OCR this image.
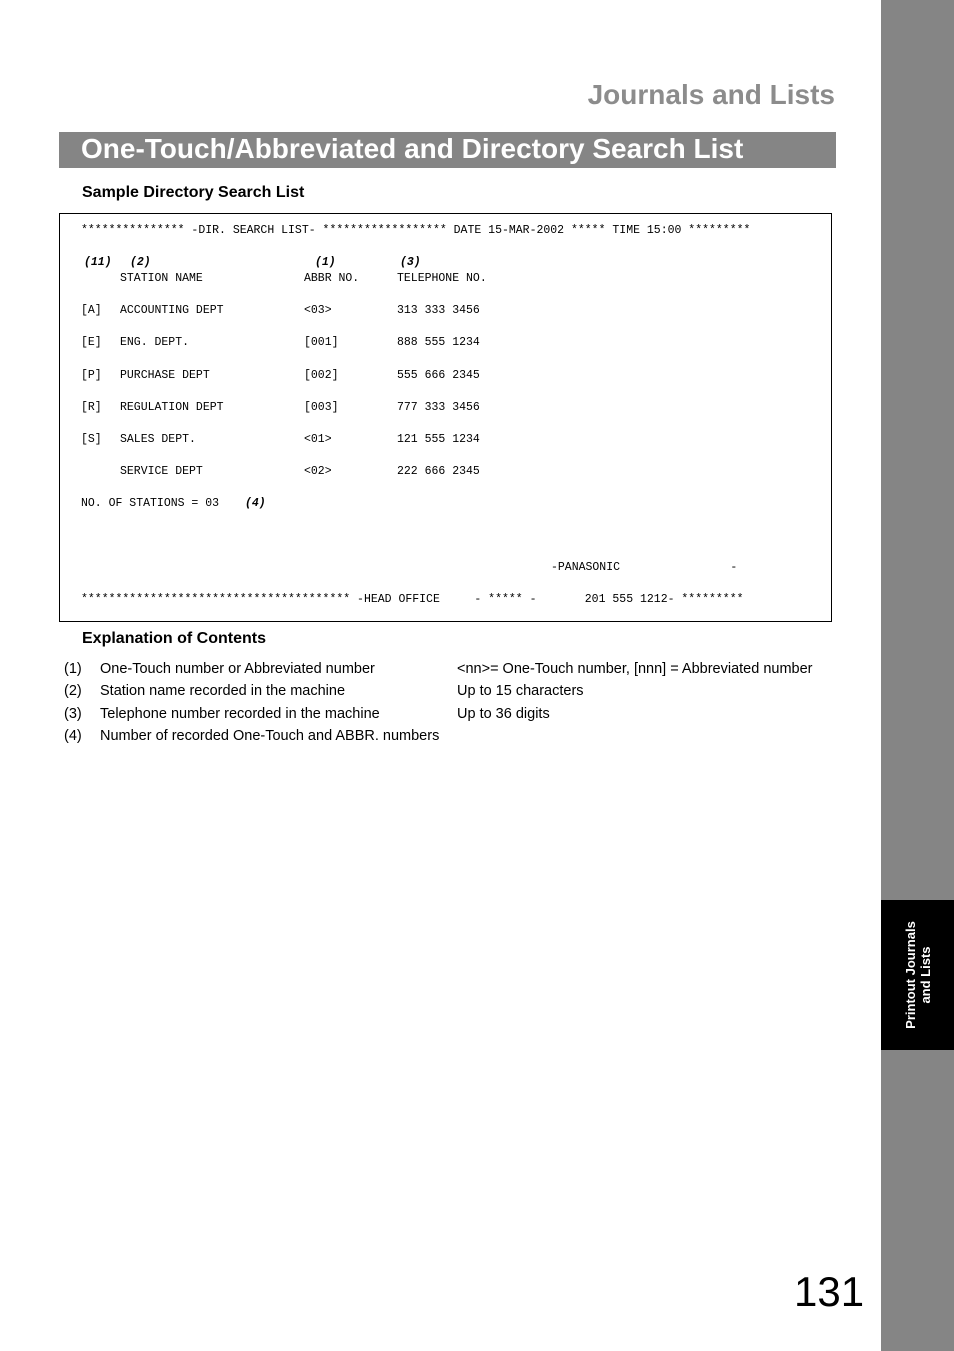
Printout Journals and Lists
Journals and Lists
One-Touch/Abbreviated and Directory Search List
Sample Directory Search List
*************** -DIR. SEARCH LIST- ****************** DATE 15-MAR-2002 ***** TIME 15:00 *********
(11) (2)	(1)	(3)
STATION NAME	ABBR NO.	TELEPHONE NO.
[A] ACCOUNTING DEPT	<03>	313 333 3456
[E] ENG. DEPT.	[001]	888 555 1234
[P] PURCHASE DEPT	[002]	555 666 2345
[R] REGULATION DEPT	[003]	777 333 3456
[S] SALES DEPT.	<01>	121 555 1234
SERVICE DEPT	<02>	222 666 2345
NO. OF STATIONS = 03 (4)
-PANASONIC                -
*************************************** -HEAD OFFICE     - ***** -       201 555 1212- *********
Explanation of Contents
(1) One-Touch number or Abbreviated number	<nn>= One-Touch number, [nnn] = Abbreviated number
(2) Station name recorded in the machine	Up to 15 characters
(3) Telephone number recorded in the machine	Up to 36 digits
(4) Number of recorded One-Touch and ABBR. numbers
131
